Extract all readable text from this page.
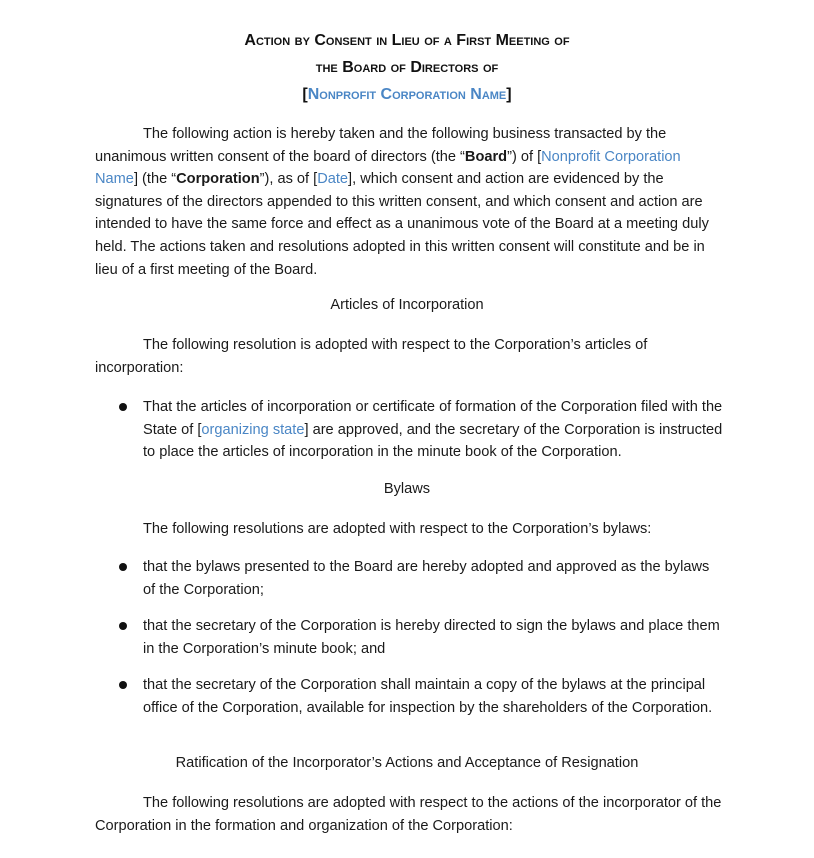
Action by Consent in Lieu of a First Meeting of
the Board of Directors of
[Nonprofit Corporation Name]

The following action is hereby taken and the following business transacted by the unanimous written consent of the board of directors (the “Board”) of [Nonprofit Corporation Name] (the “Corporation”), as of [Date], which consent and action are evidenced by the signatures of the directors appended to this written consent, and which consent and action are intended to have the same force and effect as a unanimous vote of the Board at a meeting duly held. The actions taken and resolutions adopted in this written consent will constitute and be in lieu of a first meeting of the Board.

Articles of Incorporation

The following resolution is adopted with respect to the Corporation’s articles of incorporation:

That the articles of incorporation or certificate of formation of the Corporation filed with the State of [organizing state] are approved, and the secretary of the Corporation is instructed to place the articles of incorporation in the minute book of the Corporation.
Bylaws

The following resolutions are adopted with respect to the Corporation’s bylaws:

that the bylaws presented to the Board are hereby adopted and approved as the bylaws of the Corporation;
that the secretary of the Corporation is hereby directed to sign the bylaws and place them in the Corporation’s minute book; and
that the secretary of the Corporation shall maintain a copy of the bylaws at the principal office of the Corporation, available for inspection by the shareholders of the Corporation.
Ratification of the Incorporator’s Actions and Acceptance of Resignation

The following resolutions are adopted with respect to the actions of the incorporator of the Corporation in the formation and organization of the Corporation:
